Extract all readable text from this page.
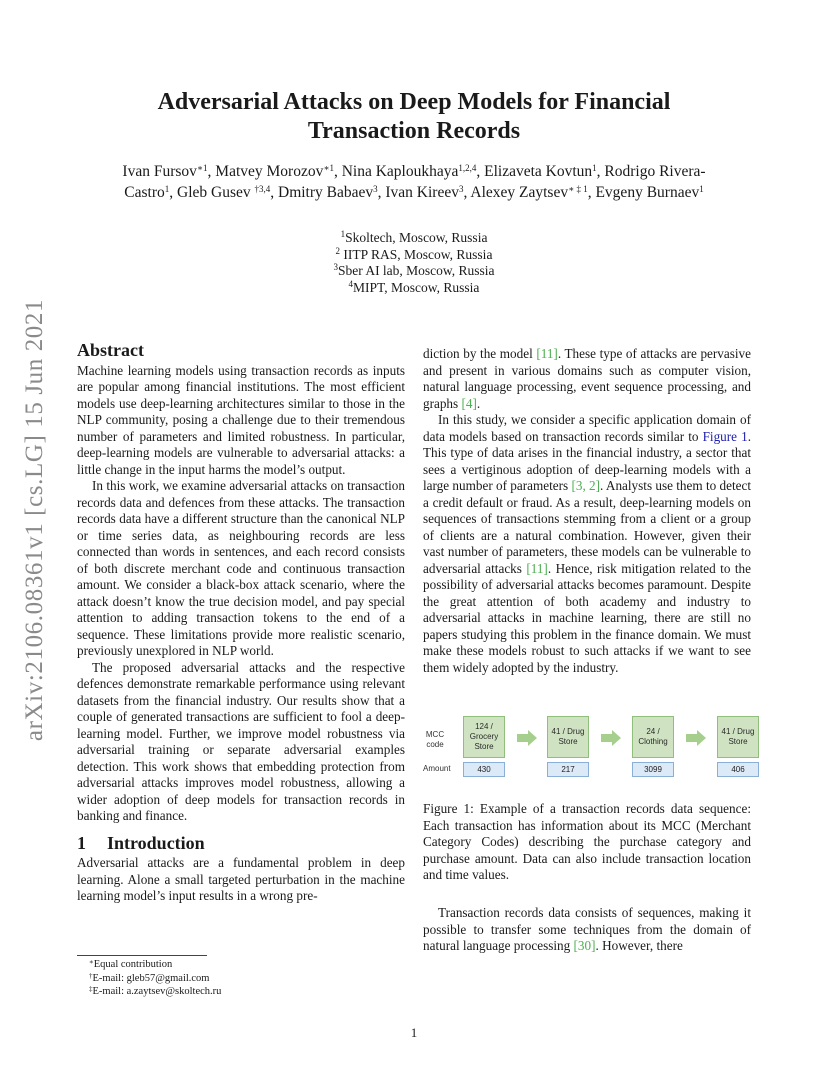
arXiv:2106.08361v1 [cs.LG] 15 Jun 2021
Adversarial Attacks on Deep Models for Financial
Transaction Records
Ivan Fursov$^{∗1}$, Matvey Morozov$^{∗1}$, Nina Kaploukhaya$^{1,2,4}$, Elizaveta Kovtun$^1$, Rodrigo Rivera-Castro$^1$, Gleb Gusev $^{\dagger 3,4}$, Dmitry Babaev$^3$, Ivan Kireev$^3$, Alexey Zaytsev$^{∗ \ddagger 1}$, Evgeny Burnaev$^1$
$^1$Skoltech, Moscow, Russia
$^2$ IITP RAS, Moscow, Russia
$^3$Sber AI lab, Moscow, Russia
$^4$MIPT, Moscow, Russia
Abstract

Machine learning models using transaction records as inputs are popular among financial institutions. The most efficient models use deep-learning architectures similar to those in the NLP community, posing a challenge due to their tremendous number of parameters and limited robustness. In particular, deep-learning models are vulnerable to adversarial attacks: a little change in the input harms the model’s output.

In this work, we examine adversarial attacks on transaction records data and defences from these attacks. The transaction records data have a different structure than the canonical NLP or time series data, as neighbouring records are less connected than words in sentences, and each record consists of both discrete merchant code and continuous transaction amount. We consider a black-box attack scenario, where the attack doesn’t know the true decision model, and pay special attention to adding transaction tokens to the end of a sequence. These limitations provide more realistic scenario, previously unexplored in NLP world.

The proposed adversarial attacks and the respective defences demonstrate remarkable performance using relevant datasets from the financial industry. Our results show that a couple of generated transactions are sufficient to fool a deep-learning model. Further, we improve model robustness via adversarial training or separate adversarial examples detection. This work shows that embedding protection from adversarial attacks improves model robustness, allowing a wider adoption of deep models for transaction records in banking and finance.

1 Introduction

Adversarial attacks are a fundamental problem in deep learning. Alone a small targeted perturbation in the machine learning model’s input results in a wrong pre-

∗Equal contribution
†E-mail: gleb57@gmail.com
‡E-mail: a.zaytsev@skoltech.ru

diction by the model [11]. These type of attacks are pervasive and present in various domains such as computer vision, natural language processing, event sequence processing, and graphs [4].

In this study, we consider a specific application domain of data models based on transaction records similar to Figure 1. This type of data arises in the financial industry, a sector that sees a vertiginous adoption of deep-learning models with a large number of parameters [3, 2]. Analysts use them to detect a credit default or fraud. As a result, deep-learning models on sequences of transactions stemming from a client or a group of clients are a natural combination. However, given their vast number of parameters, these models can be vulnerable to adversarial attacks [11]. Hence, risk mitigation related to the possibility of adversarial attacks becomes paramount. Despite the great attention of both academy and industry to adversarial attacks in machine learning, there are still no papers studying this problem in the finance domain. We must make these models robust to such attacks if we want to see them widely adopted by the industry.

MCC code
Amount
124 / Grocery Store
430
41 / Drug Store
217
24 / Clothing
3099
41 / Drug Store
406

Figure 1: Example of a transaction records data sequence: Each transaction has information about its MCC (Merchant Category Codes) describing the purchase category and purchase amount. Data can also include transaction location and time values.

Transaction records data consists of sequences, making it possible to transfer some techniques from the domain of natural language processing [30]. However, there

1
